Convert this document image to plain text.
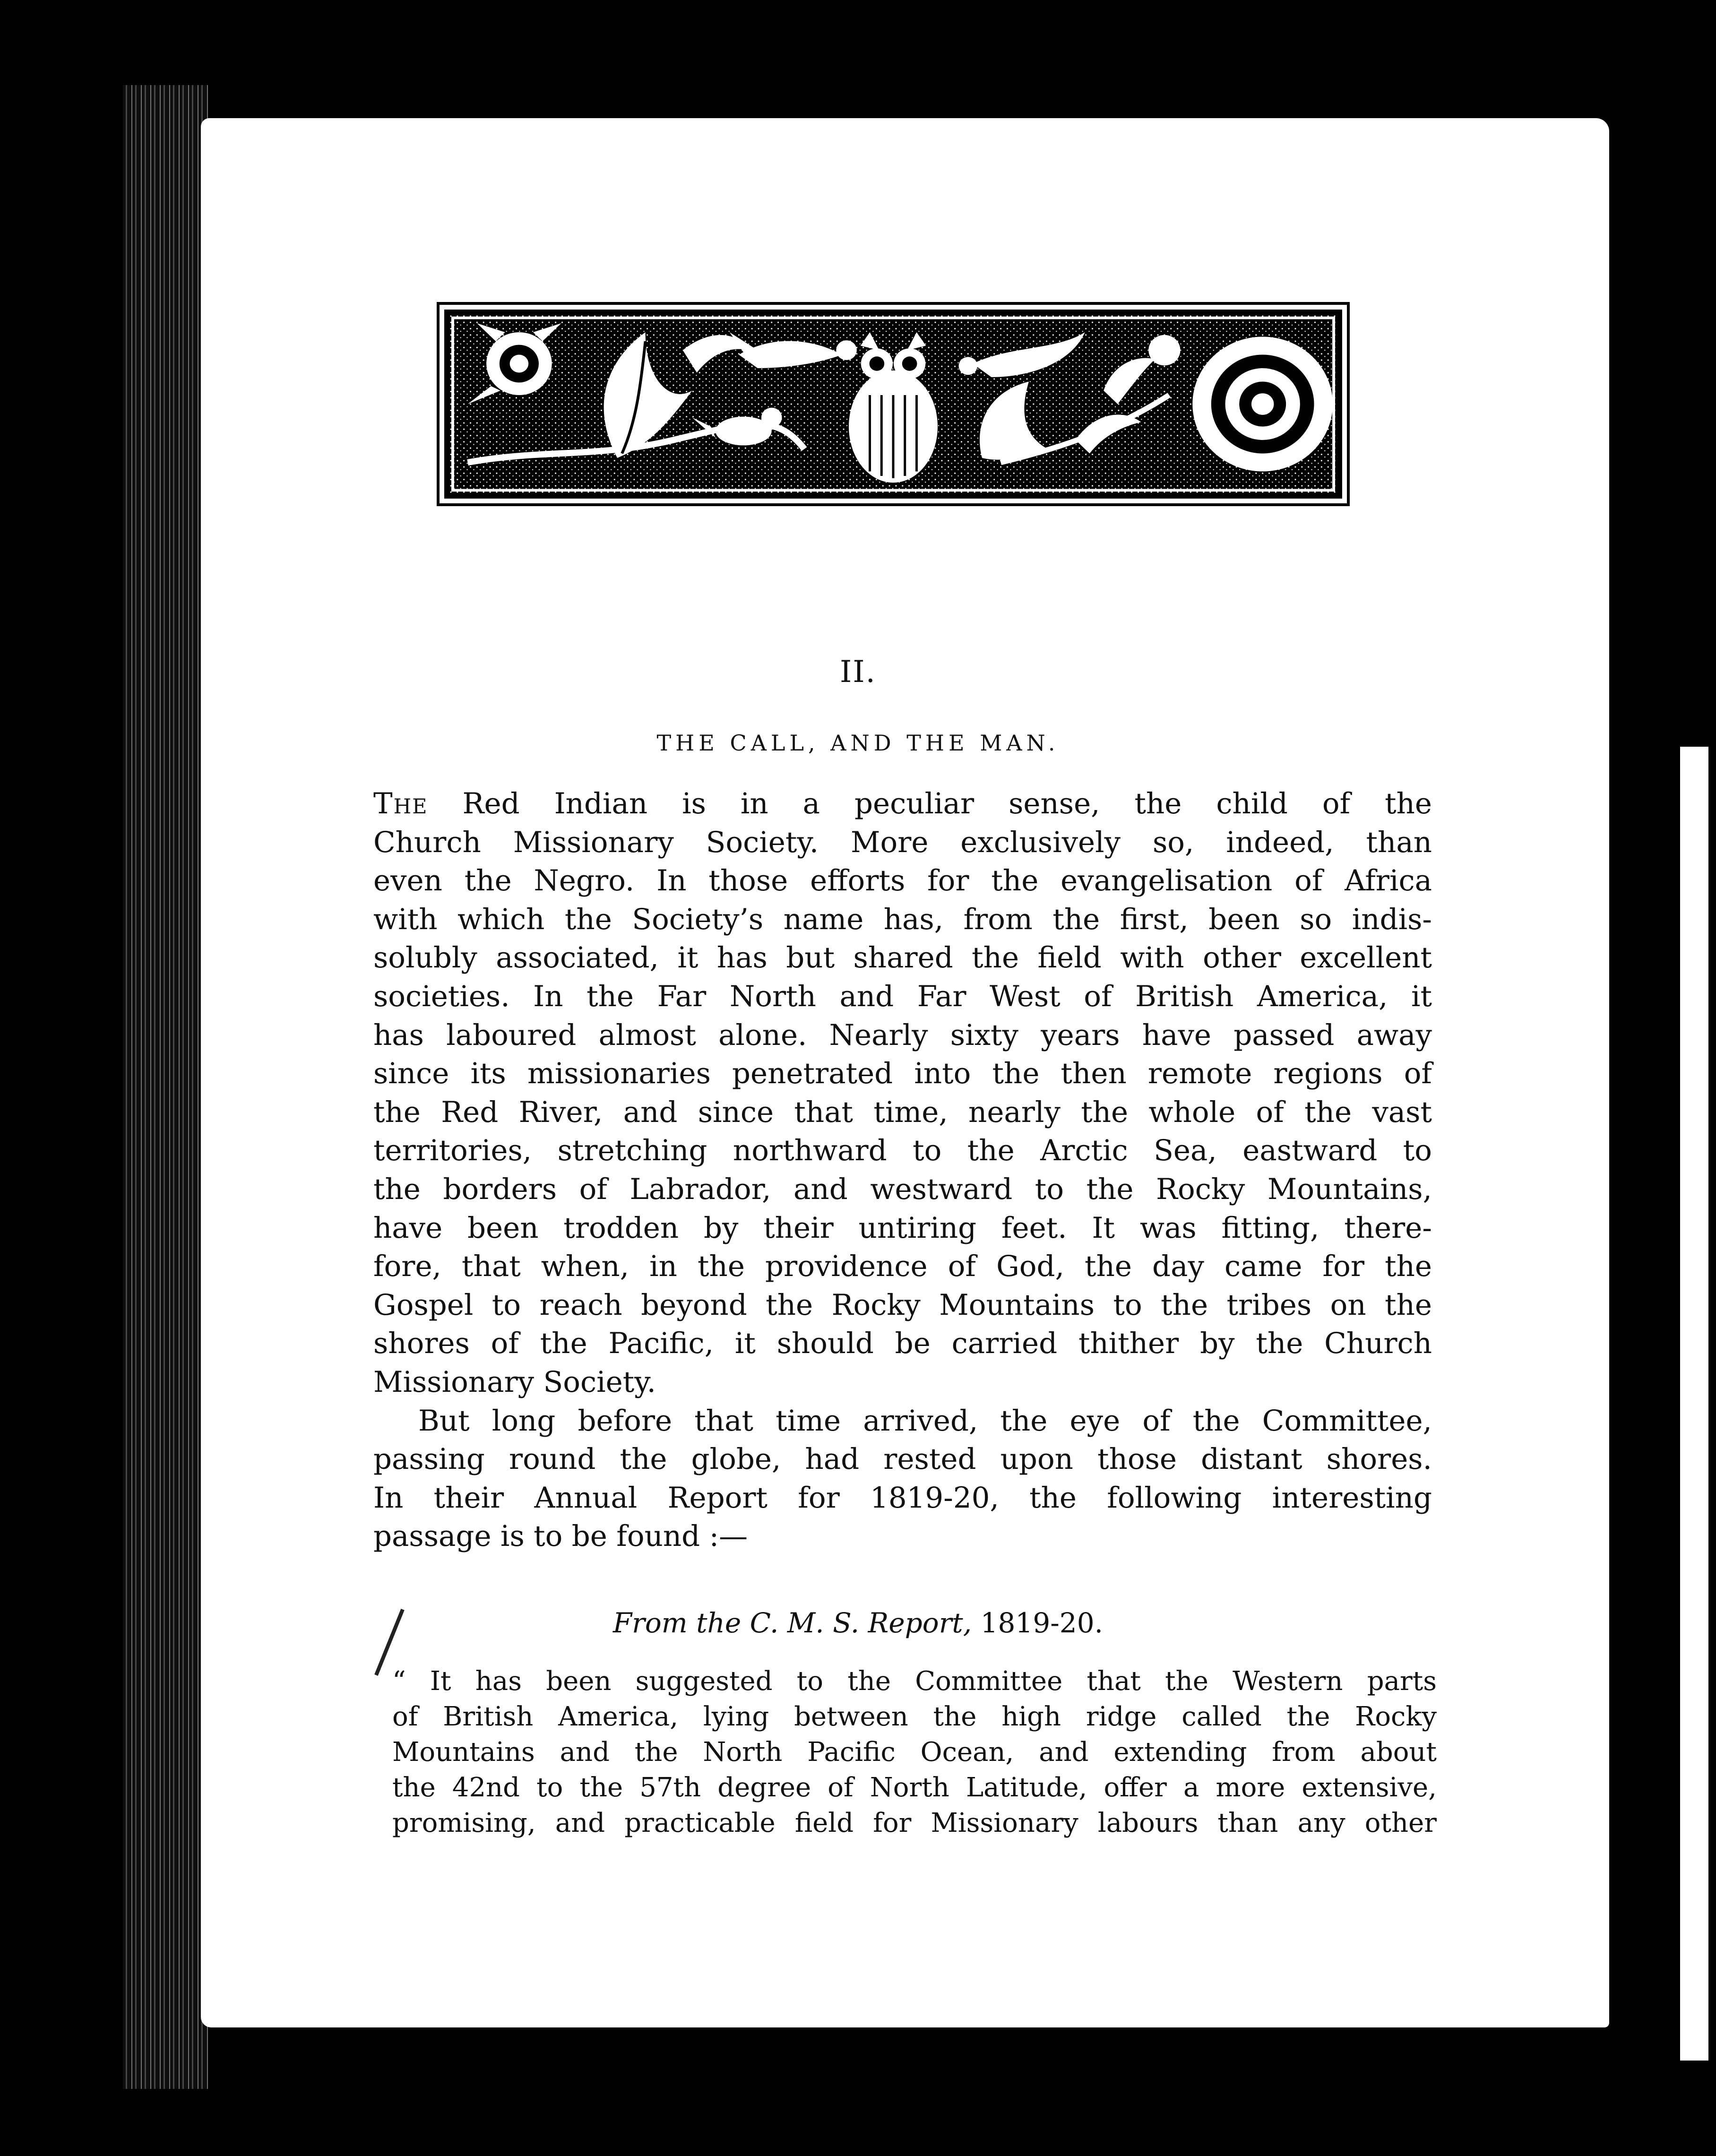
II.
THE CALL, AND THE MAN.
The Red Indian is in a peculiar sense, the child of the
Church Missionary Society. More exclusively so, indeed, than
even the Negro. In those efforts for the evangelisation of Africa
with which the Society’s name has, from the first, been so indis-
solubly associated, it has but shared the field with other excellent
societies. In the Far North and Far West of British America, it
has laboured almost alone. Nearly sixty years have passed away
since its missionaries penetrated into the then remote regions of
the Red River, and since that time, nearly the whole of the vast
territories, stretching northward to the Arctic Sea, eastward to
the borders of Labrador, and westward to the Rocky Mountains,
have been trodden by their untiring feet. It was fitting, there-
fore, that when, in the providence of God, the day came for the
Gospel to reach beyond the Rocky Mountains to the tribes on the
shores of the Pacific, it should be carried thither by the Church
Missionary Society.
But long before that time arrived, the eye of the Committee,
passing round the globe, had rested upon those distant shores.
In their Annual Report for 1819-20, the following interesting
passage is to be found :—
From the C. M. S. Report, 1819-20.
“ It has been suggested to the Committee that the Western parts
of British America, lying between the high ridge called the Rocky
Mountains and the North Pacific Ocean, and extending from about
the 42nd to the 57th degree of North Latitude, offer a more extensive,
promising, and practicable field for Missionary labours than any other
